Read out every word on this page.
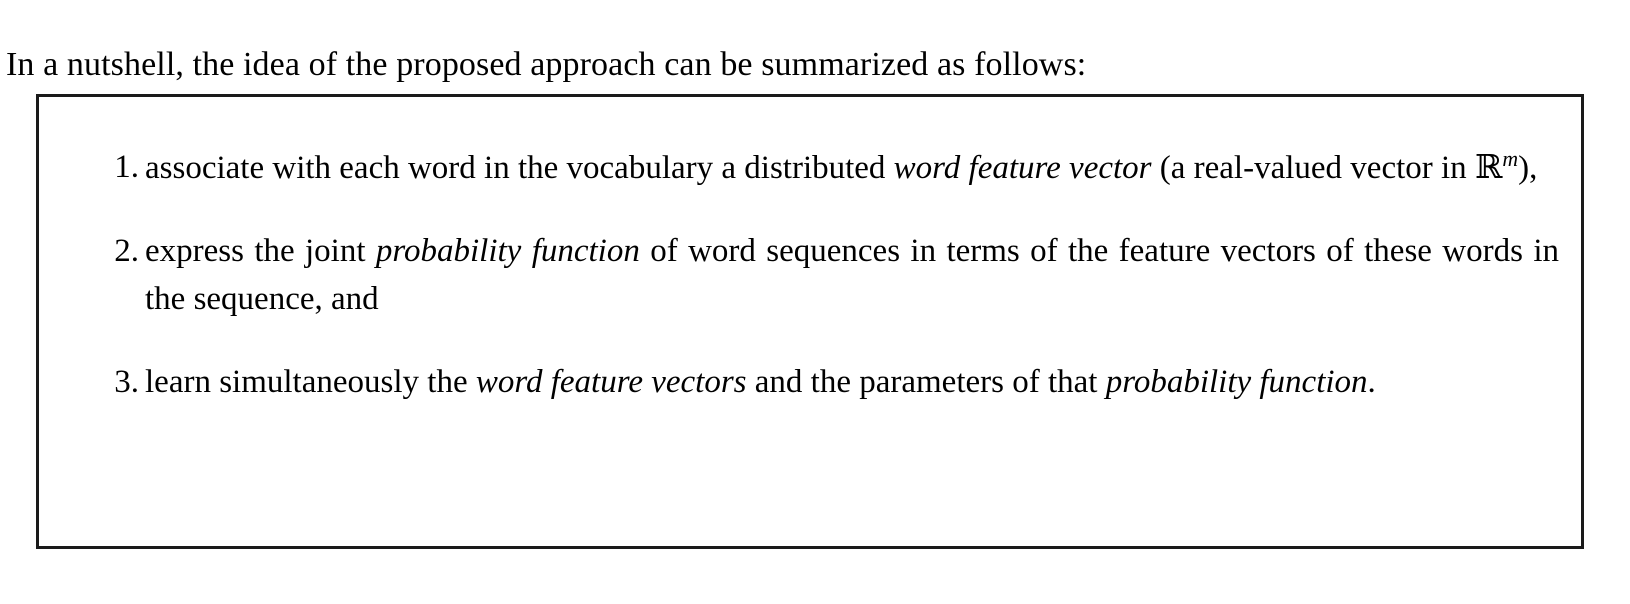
In a nutshell, the idea of the proposed approach can be summarized as follows:

1. associate with each word in the vocabulary a distributed word feature vector (a real-valued vector in ℝ$^m$),
2. express the joint probability function of word sequences in terms of the feature vectors of these words in the sequence, and
3. learn simultaneously the word feature vectors and the parameters of that probability function.
